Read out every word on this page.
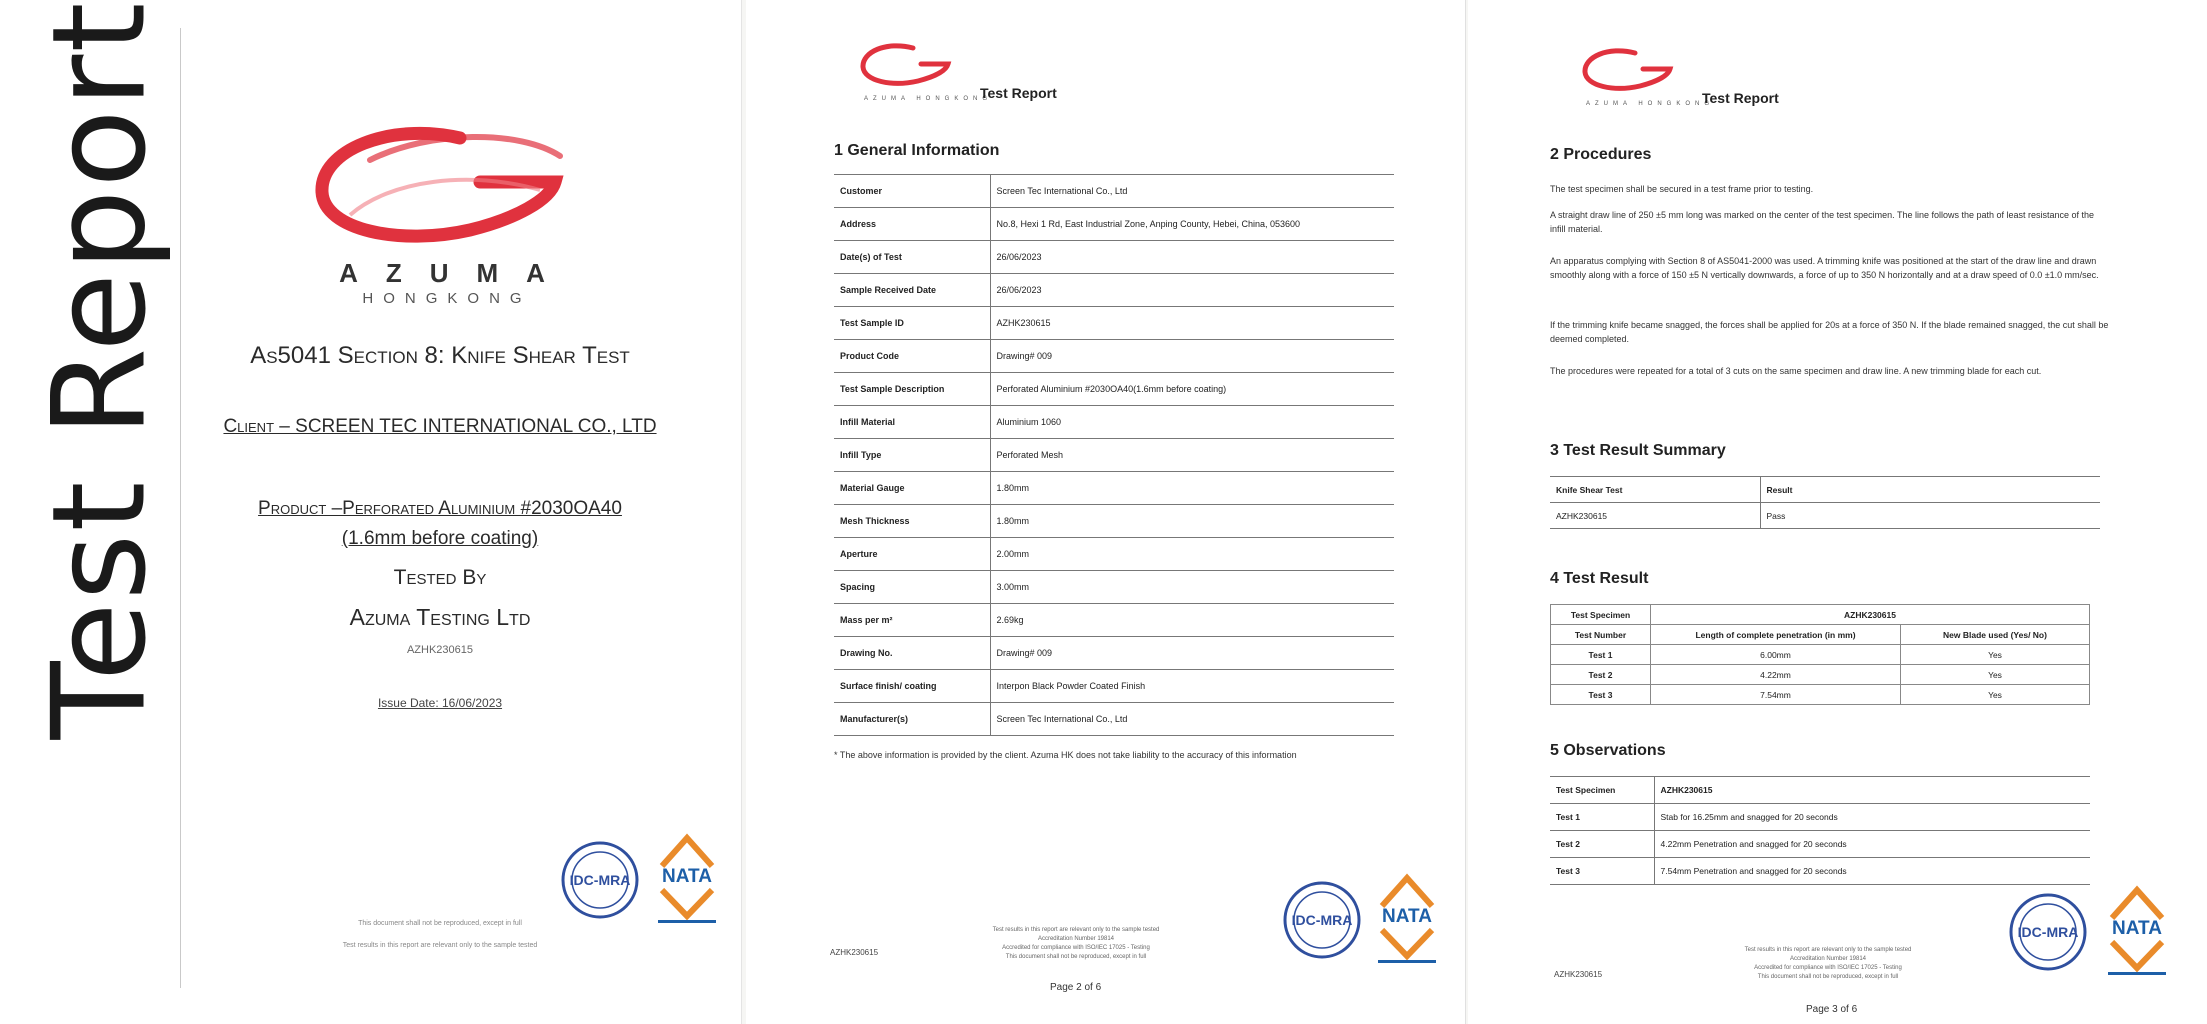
Test Report	AZUMA
HONGKONG
As5041 Section 8: Knife Shear Test
Client – SCREEN TEC INTERNATIONAL CO., LTD
Product –Perforated Aluminium #2030OA40
(1.6mm before coating)
Tested By
Azuma Testing Ltd
AZHK230615
Issue Date: 16/06/2023
IDC-MRA NATA
This document shall not be reproduced, except in full
Test results in this report are relevant only to the sample tested
AZUMA HONGKONG
Test Report
1 General Information
Customer	Screen Tec International Co., Ltd
Address	No.8, Hexi 1 Rd, East Industrial Zone, Anping County, Hebei, China, 053600
Date(s) of Test	26/06/2023
Sample Received Date	26/06/2023
Test Sample ID	AZHK230615
Product Code	Drawing# 009
Test Sample Description	Perforated Aluminium #2030OA40(1.6mm before coating)
Infill Material	Aluminium 1060
Infill Type	Perforated Mesh
Material Gauge	1.80mm
Mesh Thickness	1.80mm
Aperture	2.00mm
Spacing	3.00mm
Mass per m²	2.69kg
Drawing No.	Drawing# 009
Surface finish/ coating	Interpon Black Powder Coated Finish
Manufacturer(s)	Screen Tec International Co., Ltd
* The above information is provided by the client. Azuma HK does not take liability to the accuracy of this information
IDC-MRA NATA
AZHK230615
Test results in this report are relevant only to the sample tested
Accreditation Number 19814
Accredited for compliance with ISO/IEC 17025 - Testing
This document shall not be reproduced, except in full
Page 2 of 6
AZUMA HONGKONG
Test Report
2 Procedures
The test specimen shall be secured in a test frame prior to testing.
A straight draw line of 250 ±5 mm long was marked on the center of the test specimen. The line follows the path of least resistance of the infill material.
An apparatus complying with Section 8 of AS5041-2000 was used. A trimming knife was positioned at the start of the draw line and drawn smoothly along with a force of 150 ±5 N vertically downwards, a force of up to 350 N horizontally and at a draw speed of 0.0 ±1.0 mm/sec.
If the trimming knife became snagged, the forces shall be applied for 20s at a force of 350 N. If the blade remained snagged, the cut shall be deemed completed.
The procedures were repeated for a total of 3 cuts on the same specimen and draw line. A new trimming blade for each cut.
3 Test Result Summary
Knife Shear Test	Result
AZHK230615	Pass
4 Test Result
Test Specimen	AZHK230615	
Test Number	Length of complete penetration (in mm)	New Blade used (Yes/ No)
Test 1	6.00mm	Yes
Test 2	4.22mm	Yes
Test 3	7.54mm	Yes
5 Observations
Test Specimen	AZHK230615
Test 1	Stab for 16.25mm and snagged for 20 seconds
Test 2	4.22mm Penetration and snagged for 20 seconds
Test 3	7.54mm Penetration and snagged for 20 seconds
IDC-MRA NATA
AZHK230615
Test results in this report are relevant only to the sample tested
Accreditation Number 19814
Accredited for compliance with ISO/IEC 17025 - Testing
This document shall not be reproduced, except in full
Page 3 of 6
